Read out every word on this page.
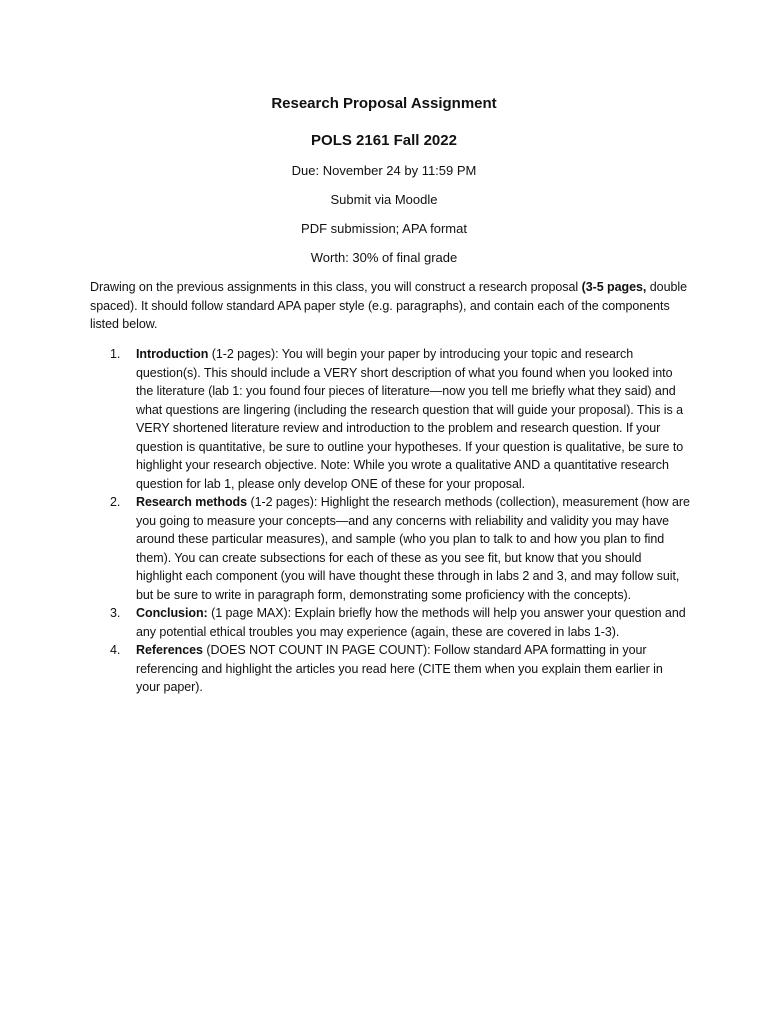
Research Proposal Assignment
POLS 2161 Fall 2022
Due: November 24 by 11:59 PM
Submit via Moodle
PDF submission; APA format
Worth: 30% of final grade

Drawing on the previous assignments in this class, you will construct a research proposal (3-5 pages, double spaced). It should follow standard APA paper style (e.g. paragraphs), and contain each of the components listed below.

1. Introduction (1-2 pages): You will begin your paper by introducing your topic and research question(s). This should include a VERY short description of what you found when you looked into the literature (lab 1: you found four pieces of literature—now you tell me briefly what they said) and what questions are lingering (including the research question that will guide your proposal). This is a VERY shortened literature review and introduction to the problem and research question. If your question is quantitative, be sure to outline your hypotheses. If your question is qualitative, be sure to highlight your research objective. Note: While you wrote a qualitative AND a quantitative research question for lab 1, please only develop ONE of these for your proposal.
2. Research methods (1-2 pages): Highlight the research methods (collection), measurement (how are you going to measure your concepts—and any concerns with reliability and validity you may have around these particular measures), and sample (who you plan to talk to and how you plan to find them). You can create subsections for each of these as you see fit, but know that you should highlight each component (you will have thought these through in labs 2 and 3, and may follow suit, but be sure to write in paragraph form, demonstrating some proficiency with the concepts).
3. Conclusion: (1 page MAX): Explain briefly how the methods will help you answer your question and any potential ethical troubles you may experience (again, these are covered in labs 1-3).
4. References (DOES NOT COUNT IN PAGE COUNT): Follow standard APA formatting in your referencing and highlight the articles you read here (CITE them when you explain them earlier in your paper).
